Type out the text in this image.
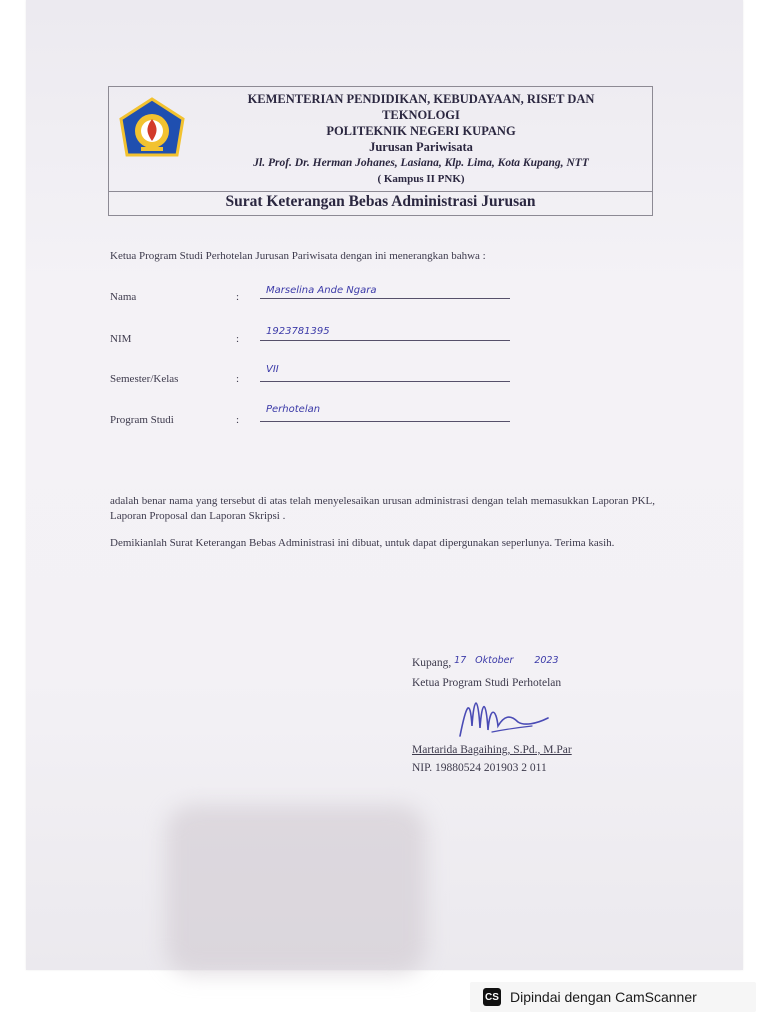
KEMENTERIAN PENDIDIKAN, KEBUDAYAAN, RISET DAN
TEKNOLOGI
POLITEKNIK NEGERI KUPANG
Jurusan Pariwisata
Jl. Prof. Dr. Herman Johanes, Lasiana, Klp. Lima, Kota Kupang, NTT
( Kampus II PNK)
Surat Keterangan Bebas Administrasi Jurusan
Ketua Program Studi Perhotelan Jurusan Pariwisata dengan ini menerangkan bahwa :
Nama	:
Marselina Ande Ngara
NIM	:
1923781395
Semester/Kelas	:
VII
Program Studi	:
Perhotelan
adalah benar nama yang tersebut di atas telah menyelesaikan urusan administrasi dengan telah memasukkan Laporan PKL, Laporan Proposal dan Laporan Skripsi .
Demikianlah Surat Keterangan Bebas Administrasi ini dibuat, untuk dapat dipergunakan seperlunya. Terima kasih.
Kupang, $^{17}$ $^{Oktober}$ $^{2023}$
Ketua Program Studi Perhotelan
Martarida Bagaihing, S.Pd., M.Par
NIP. 19880524 201903 2 011
CS Dipindai dengan CamScanner
